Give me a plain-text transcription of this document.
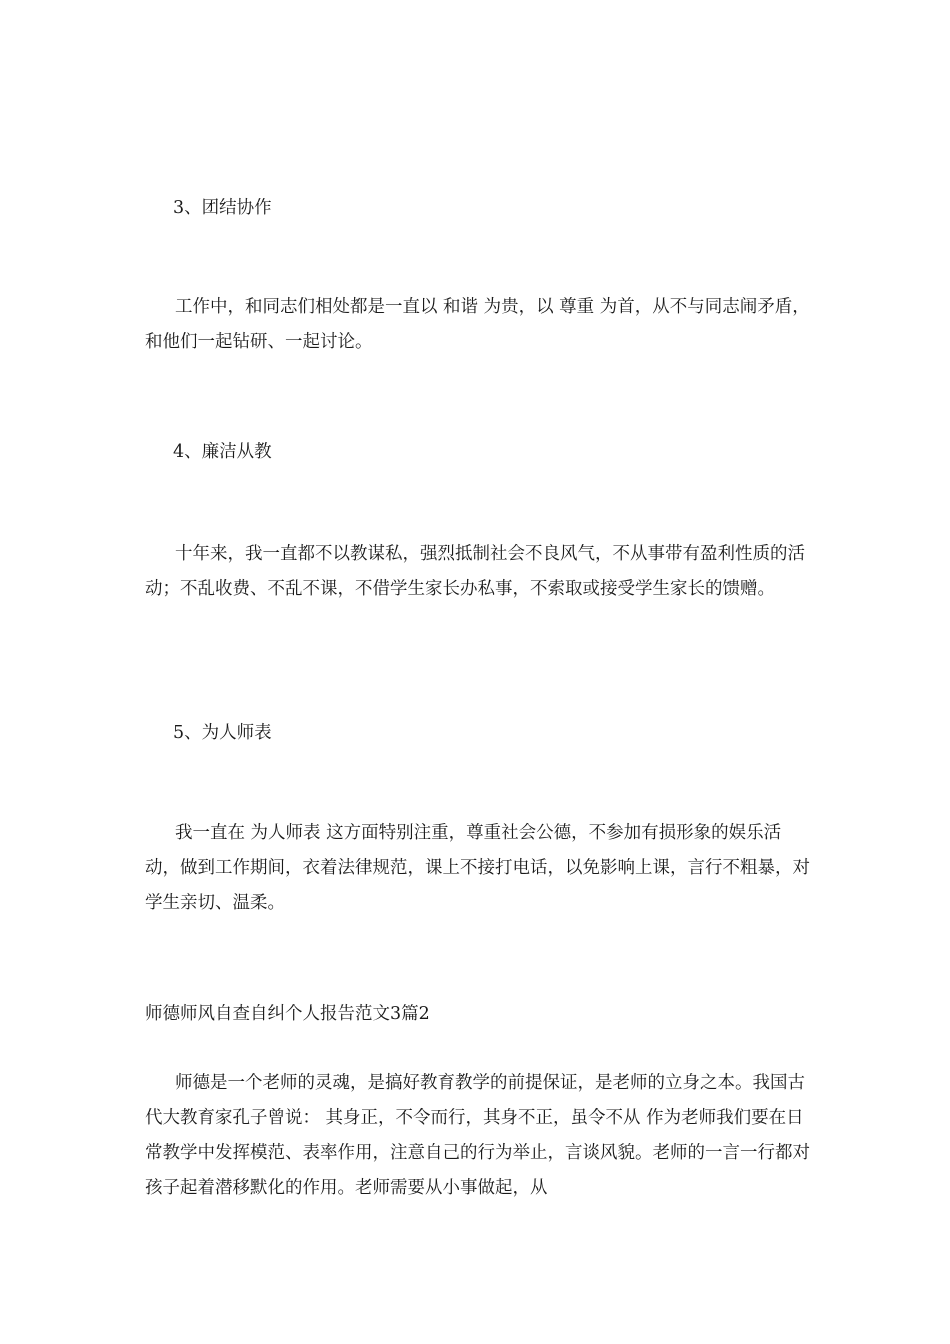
3、团结协作
工作中，和同志们相处都是一直以 和谐 为贵，以 尊重 为首，从不与同志闹矛盾，和他们一起钻研、一起讨论。
4、廉洁从教
十年来，我一直都不以教谋私，强烈抵制社会不良风气，不从事带有盈利性质的活动；不乱收费、不乱不课，不借学生家长办私事，不索取或接受学生家长的馈赠。
5、为人师表
我一直在 为人师表 这方面特别注重，尊重社会公德，不参加有损形象的娱乐活动，做到工作期间，衣着法律规范，课上不接打电话，以免影响上课，言行不粗暴，对学生亲切、温柔。
师德师风自查自纠个人报告范文3篇2
师德是一个老师的灵魂，是搞好教育教学的前提保证，是老师的立身之本。我国古代大教育家孔子曾说： 其身正，不令而行，其身不正，虽令不从 作为老师我们要在日常教学中发挥模范、表率作用，注意自己的行为举止，言谈风貌。老师的一言一行都对孩子起着潜移默化的作用。老师需要从小事做起，从
